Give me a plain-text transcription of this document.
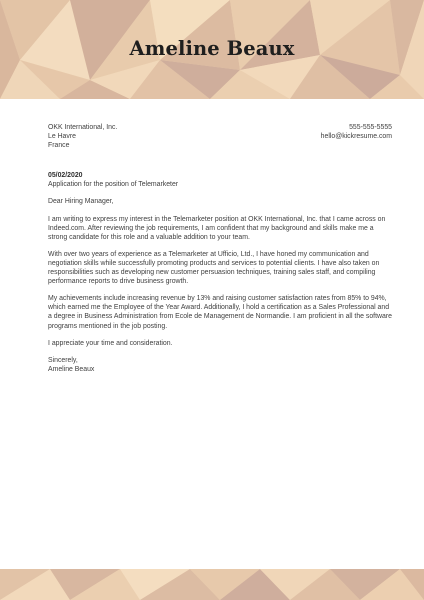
Ameline Beaux
OKK International, Inc.
Le Havre
France
555-555-5555
hello@kickresume.com
05/02/2020
Application for the position of Telemarketer
Dear Hiring Manager,
I am writing to express my interest in the Telemarketer position at OKK International, Inc. that I came across on Indeed.com. After reviewing the job requirements, I am confident that my background and skills make me a strong candidate for this role and a valuable addition to your team.
With over two years of experience as a Telemarketer at Ufficio, Ltd., I have honed my communication and negotiation skills while successfully promoting products and services to potential clients. I have also taken on responsibilities such as developing new customer persuasion techniques, training sales staff, and compiling performance reports to drive business growth.
My achievements include increasing revenue by 13% and raising customer satisfaction rates from 85% to 94%, which earned me the Employee of the Year Award. Additionally, I hold a certification as a Sales Professional and a degree in Business Administration from Ecole de Management de Normandie. I am proficient in all the software programs mentioned in the job posting.
I appreciate your time and consideration.
Sincerely,
Ameline Beaux
